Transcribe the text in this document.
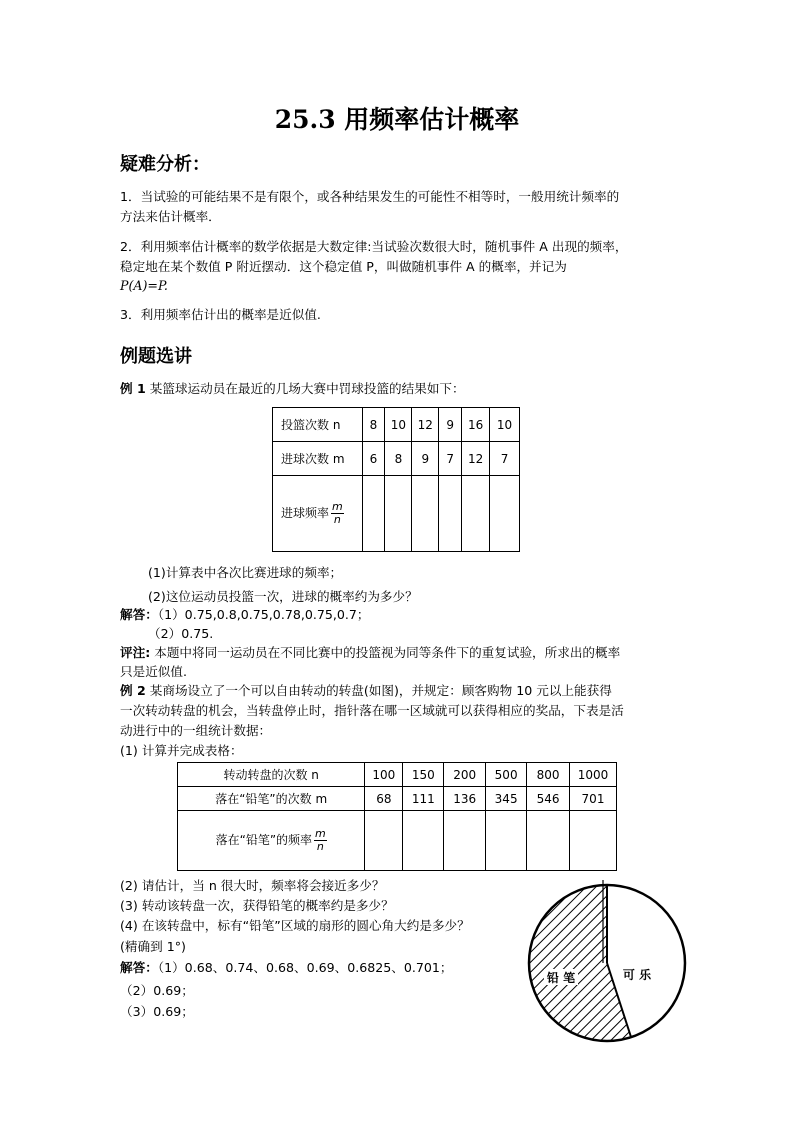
25.3 用频率估计概率
疑难分析：
1．当试验的可能结果不是有限个，或各种结果发生的可能性不相等时，一般用统计频率的
方法来估计概率．
2．利用频率估计概率的数学依据是大数定律:当试验次数很大时，随机事件 A 出现的频率，
稳定地在某个数值 P 附近摆动．这个稳定值 P，叫做随机事件 A 的概率，并记为
P(A)=P.
3．利用频率估计出的概率是近似值.
例题选讲
例 1 某篮球运动员在最近的几场大赛中罚球投篮的结果如下：
投篮次数 n	8	10	12	9	16	10
进球次数 m	6	8	9	7	12	7
进球频率 $\frac{m}{n}$

(1)计算表中各次比赛进球的频率；
(2)这位运动员投篮一次，进球的概率约为多少？
解答：（1）0.75,0.8,0.75,0.78,0.75,0.7；
（2）0.75.
评注: 本题中将同一运动员在不同比赛中的投篮视为同等条件下的重复试验，所求出的概率
只是近似值.
例 2 某商场设立了一个可以自由转动的转盘(如图)，并规定：顾客购物 10 元以上能获得
一次转动转盘的机会，当转盘停止时，指针落在哪一区域就可以获得相应的奖品，下表是活
动进行中的一组统计数据：
(1) 计算并完成表格：
转动转盘的次数 n	100	150	200	500	800	1000
落在“铅笔”的次数 m	68	111	136	345	546	701
落在“铅笔”的频率 $\frac{m}{n}$

(2) 请估计，当 n 很大时，频率将会接近多少？
(3) 转动该转盘一次，获得铅笔的概率约是多少？
(4) 在该转盘中，标有“铅笔”区域的扇形的圆心角大约是多少？
(精确到 1°)
解答：（1）0.68、0.74、0.68、0.69、0.6825、0.701；
（2）0.69；
（3）0.69；
铅 笔	可 乐
